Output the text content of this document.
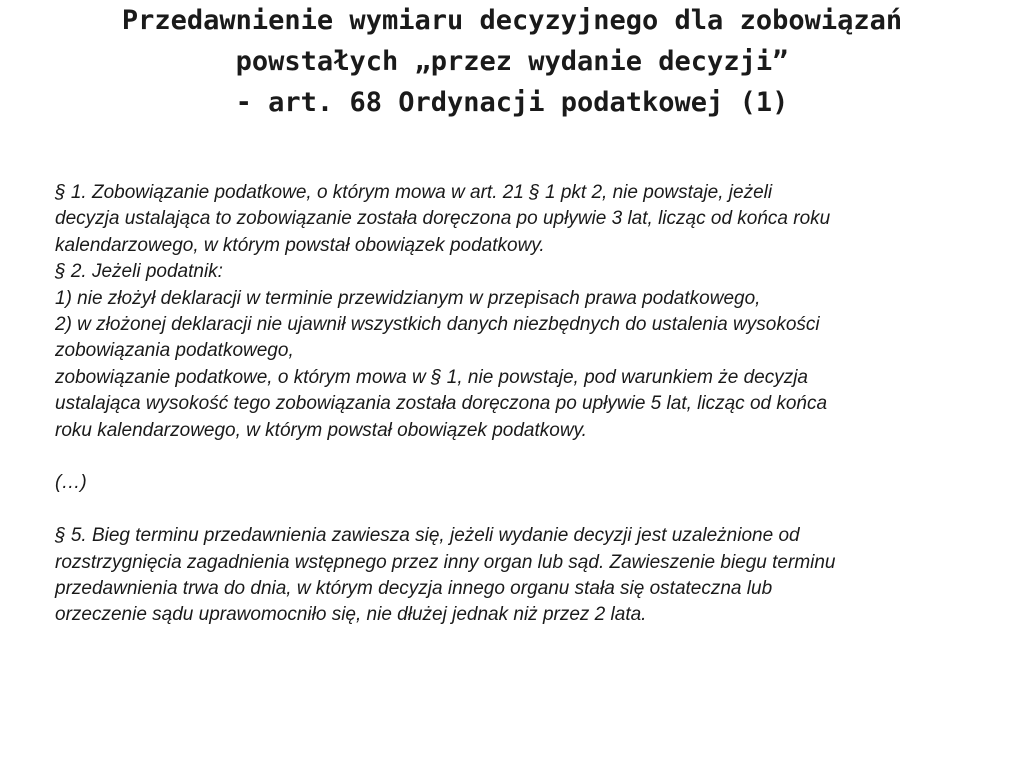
Przedawnienie wymiaru decyzyjnego dla zobowiązań
powstałych „przez wydanie decyzji”
- art. 68 Ordynacji podatkowej (1)

§ 1. Zobowiązanie podatkowe, o którym mowa w art. 21 § 1 pkt 2, nie powstaje, jeżeli

decyzja ustalająca to zobowiązanie została doręczona po upływie 3 lat, licząc od końca roku

kalendarzowego, w którym powstał obowiązek podatkowy.

§ 2. Jeżeli podatnik:

1) nie złożył deklaracji w terminie przewidzianym w przepisach prawa podatkowego,

2) w złożonej deklaracji nie ujawnił wszystkich danych niezbędnych do ustalenia wysokości

zobowiązania podatkowego,

zobowiązanie podatkowe, o którym mowa w § 1, nie powstaje, pod warunkiem że decyzja

ustalająca wysokość tego zobowiązania została doręczona po upływie 5 lat, licząc od końca

roku kalendarzowego, w którym powstał obowiązek podatkowy.

(…)

§ 5. Bieg terminu przedawnienia zawiesza się, jeżeli wydanie decyzji jest uzależnione od

rozstrzygnięcia zagadnienia wstępnego przez inny organ lub sąd. Zawieszenie biegu terminu

przedawnienia trwa do dnia, w którym decyzja innego organu stała się ostateczna lub

orzeczenie sądu uprawomocniło się, nie dłużej jednak niż przez 2 lata.
